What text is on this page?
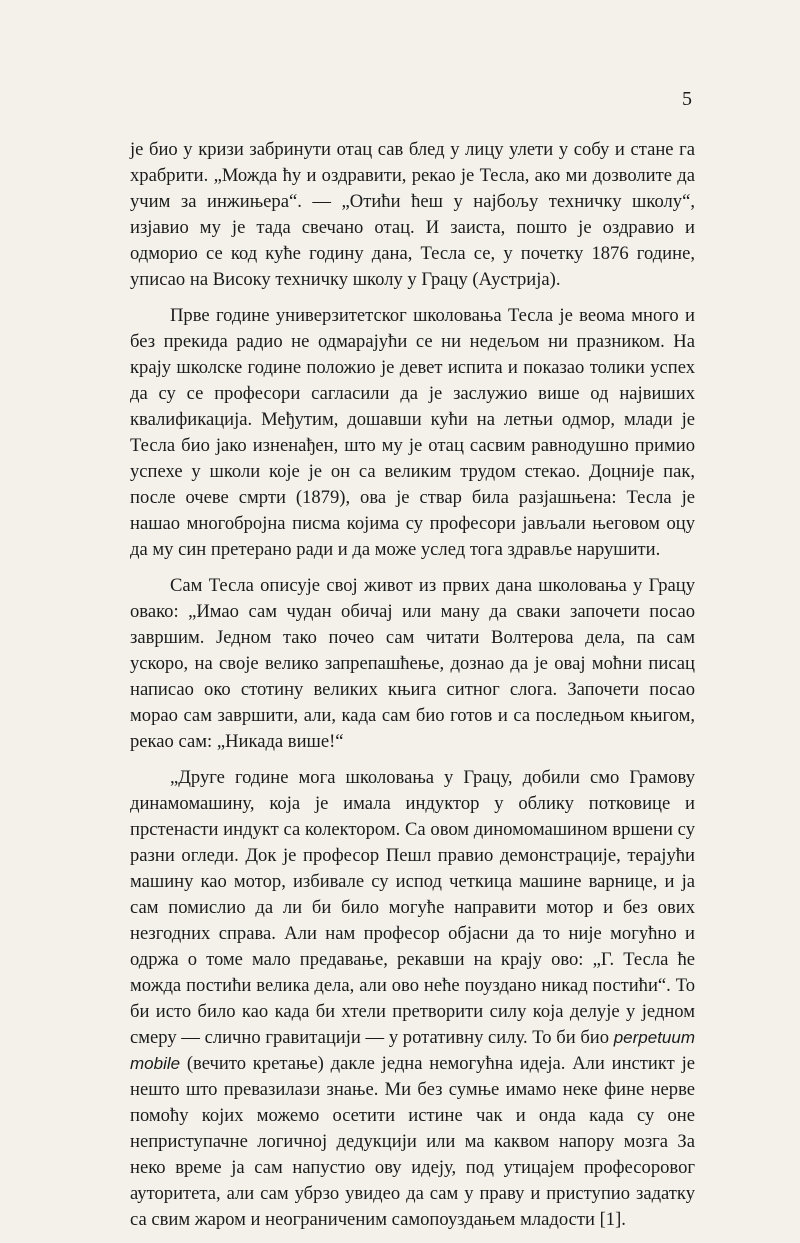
5

је био у кризи забринути отац сав блед у лицу улети у собу и стане га храбрити. „Можда ћу и оздравити, рекао је Тесла, ако ми дозволите да учим за инжињера“. — „Отићи ћеш у најбољу техничку школу“, изјавио му је тада свечано отац. И заиста, пошто је оздравио и одморио се код куће годину дана, Тесла се, у почетку 1876 године, уписао на Високу техничку школу у Грацу (Аустрија).

Прве године универзитетског школовања Тесла је веома много и без прекида радио не одмарајући се ни недељом ни празником. На крају школске године положио је девет испита и показао толики успех да су се професори сагласили да је заслужио више од највиших квалификација. Међутим, дошавши кући на летњи одмор, млади је Тесла био јако изненађен, што му је отац сасвим равнодушно примио успехе у школи које је он са великим трудом стекао. Доцније пак, после очеве смрти (1879), ова је ствар била разјашњена: Тесла је нашао многобројна писма којима су професори јављали његовом оцу да му син претерано ради и да може услед тога здравље нарушити.

Сам Тесла описује свој живот из првих дана школовања у Грацу овако: „Имао сам чудан обичај или ману да сваки започети посао завршим. Једном тако почео сам читати Волтерова дела, па сам ускоро, на своје велико запрепашћење, дознао да је овај моћни писац написао око стотину великих књига ситног слога. Започети посао морао сам завршити, али, када сам био готов и са последњом књигом, рекао сам: „Никада више!“

„Друге године мога школовања у Грацу, добили смо Грамову динамомашину, која је имала индуктор у облику потковице и прстенасти индукт са колектором. Са овом диномомашином вршени су разни огледи. Док је професор Пешл правио демонстрације, терајући машину као мотор, избивале су испод четкица машине варнице, и ја сам помислио да ли би било могуће направити мотор и без ових незгодних справа. Али нам професор објасни да то није могућно и одржа о томе мало предавање, рекавши на крају ово: „Г. Тесла ће можда постићи велика дела, али ово неће поуздано никад постићи“. То би исто било као када би хтели претворити силу која делује у једном смеру — слично гравитацији — у ротативну силу. То би био perpetuum mobile (вечито кретање) дакле једна немогућна идеја. Али инстикт је нешто што превазилази знање. Ми без сумње имамо неке фине нерве помоћу којих можемо осетити истине чак и онда када су оне неприступачне логичној дедукцији или ма каквом напору мозга За неко време ја сам напустио ову идеју, под утицајем професоровог ауторитета, али сам убрзо увидео да сам у праву и приступио задатку са свим жаром и неограниченим самопоуздањем младости [1].
